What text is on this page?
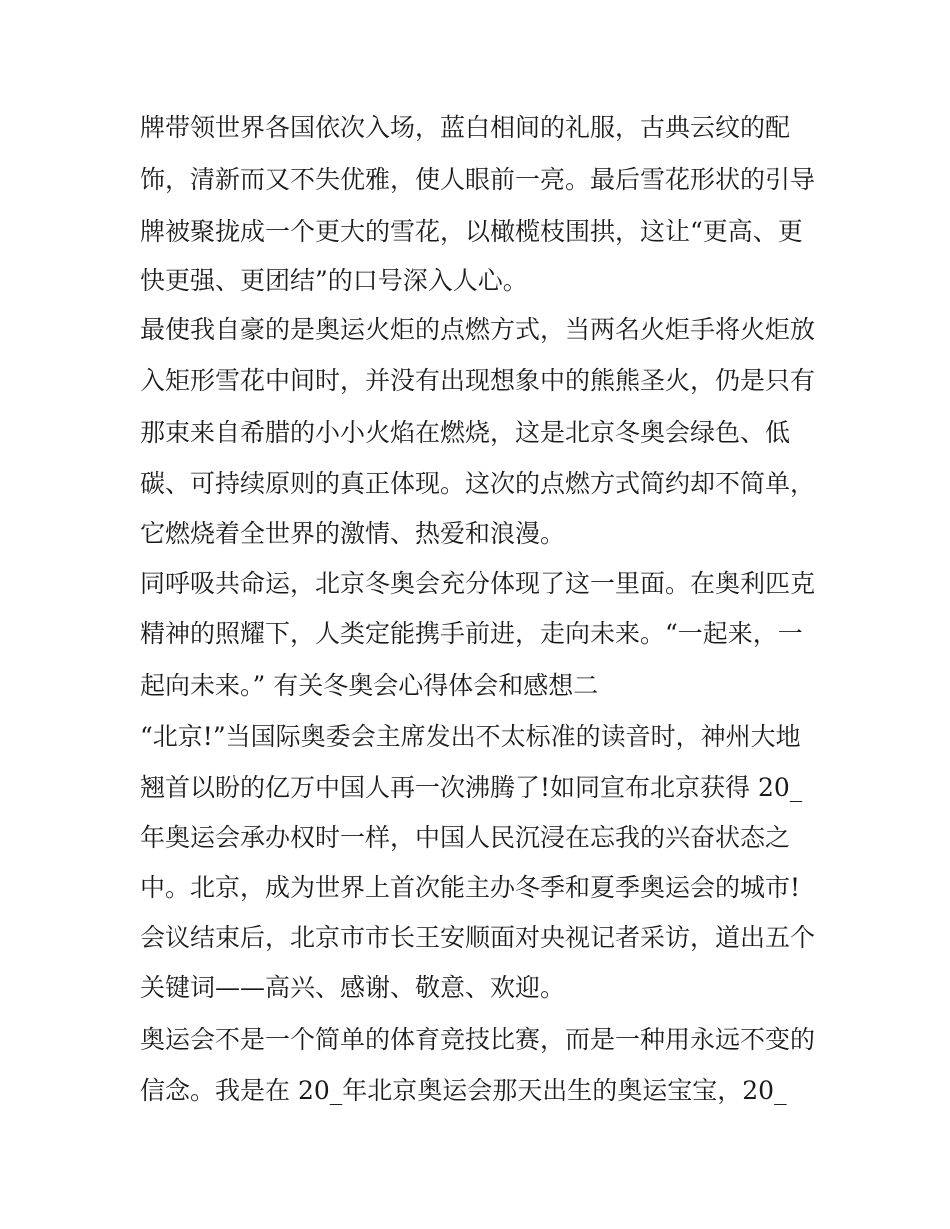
牌带领世界各国依次入场，蓝白相间的礼服，古典云纹的配
饰，清新而又不失优雅，使人眼前一亮。最后雪花形状的引导
牌被聚拢成一个更大的雪花，以橄榄枝围拱，这让“更高、更
快更强、更团结”的口号深入人心。
最使我自豪的是奥运火炬的点燃方式，当两名火炬手将火炬放
入矩形雪花中间时，并没有出现想象中的熊熊圣火，仍是只有
那束来自希腊的小小火焰在燃烧，这是北京冬奥会绿色、低
碳、可持续原则的真正体现。这次的点燃方式简约却不简单，
它燃烧着全世界的激情、热爱和浪漫。
同呼吸共命运，北京冬奥会充分体现了这一里面。在奥利匹克
精神的照耀下，人类定能携手前进，走向未来。“一起来，一
起向未来。” 有关冬奥会心得体会和感想二
“北京!”当国际奥委会主席发出不太标准的读音时，神州大地
翘首以盼的亿万中国人再一次沸腾了!如同宣布北京获得 20_
年奥运会承办权时一样，中国人民沉浸在忘我的兴奋状态之
中。北京，成为世界上首次能主办冬季和夏季奥运会的城市!
会议结束后，北京市市长王安顺面对央视记者采访，道出五个
关键词——高兴、感谢、敬意、欢迎。
奥运会不是一个简单的体育竞技比赛，而是一种用永远不变的
信念。我是在 20_年北京奥运会那天出生的奥运宝宝，20_
